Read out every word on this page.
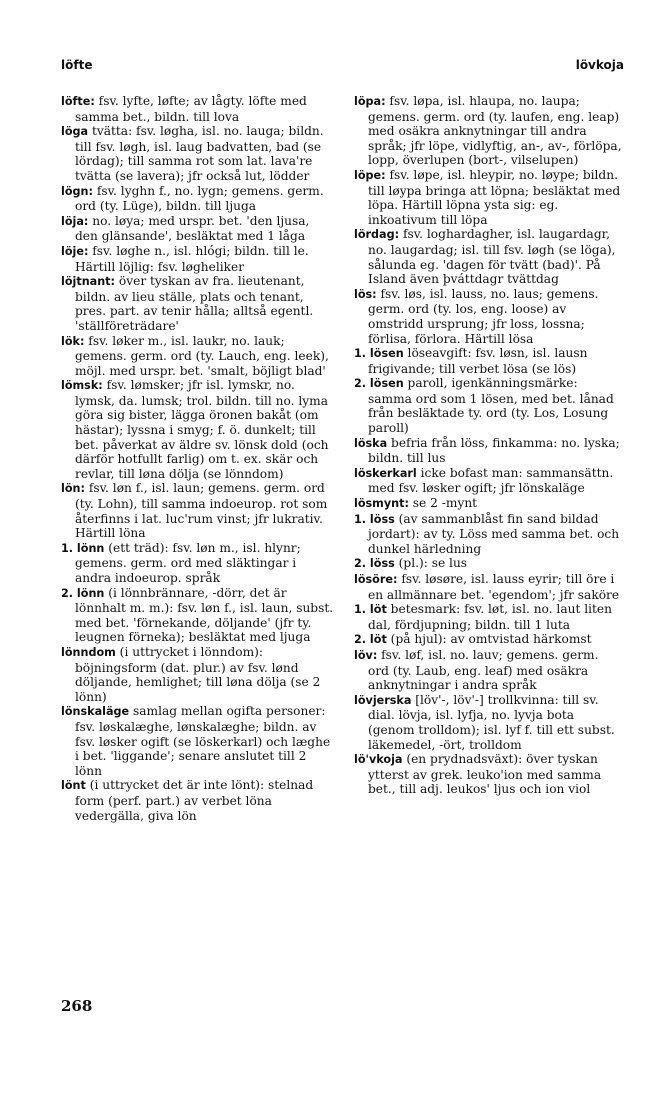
löfte	lövkoja

löfte: fsv. lyfte, løfte; av lågty. löfte med samma bet., bildn. till lova

löga tvätta: fsv. løgha, isl. no. lauga; bildn. till fsv. løgh, isl. laug badvatten, bad (se lördag); till samma rot som lat. lava're tvätta (se lavera); jfr också lut, lödder

lögn: fsv. lyghn f., no. lygn; gemens. germ. ord (ty. Lüge), bildn. till ljuga

löja: no. løya; med urspr. bet. 'den ljusa, den glänsande', besläktat med 1 låga

löje: fsv. løghe n., isl. hlógi; bildn. till le. Härtill löjlig: fsv. løgheliker

löjtnant: över tyskan av fra. lieutenant, bildn. av lieu ställe, plats och tenant, pres. part. av tenir hålla; alltså egentl. 'ställföreträdare'

lök: fsv. løker m., isl. laukr, no. lauk; gemens. germ. ord (ty. Lauch, eng. leek), möjl. med urspr. bet. 'smalt, böjligt blad'

lömsk: fsv. lømsker; jfr isl. lymskr, no. lymsk, da. lumsk; trol. bildn. till no. lyma göra sig bister, lägga öronen bakåt (om hästar); lyssna i smyg; f. ö. dunkelt; till bet. påverkat av äldre sv. lönsk dold (och därför hotfullt farlig) om t. ex. skär och revlar, till løna dölja (se lönndom)

lön: fsv. løn f., isl. laun; gemens. germ. ord (ty. Lohn), till samma indoeurop. rot som återfinns i lat. luc'rum vinst; jfr lukrativ. Härtill löna

1. lönn (ett träd): fsv. løn m., isl. hlynr; gemens. germ. ord med släktingar i andra indoeurop. språk

2. lönn (i lönnbrännare, -dörr, det är lönnhalt m. m.): fsv. løn f., isl. laun, subst. med bet. 'förnekande, döljande' (jfr ty. leugnen förneka); besläktat med ljuga

lönndom (i uttrycket i lönndom): böjningsform (dat. plur.) av fsv. lønd döljande, hemlighet; till løna dölja (se 2 lönn)

lönskaläge samlag mellan ogifta personer: fsv. løskalæghe, lønskalæghe; bildn. av fsv. løsker ogift (se löskerkarl) och læghe i bet. 'liggande'; senare anslutet till 2 lönn

lönt (i uttrycket det är inte lönt): stelnad form (perf. part.) av verbet löna vedergälla, giva lön

löpa: fsv. løpa, isl. hlaupa, no. laupa; gemens. germ. ord (ty. laufen, eng. leap) med osäkra anknytningar till andra språk; jfr löpe, vidlyftig, an-, av-, förlöpa, lopp, överlupen (bort-, vilselupen)

löpe: fsv. løpe, isl. hleypir, no. løype; bildn. till løypa bringa att löpna; besläktat med löpa. Härtill löpna ysta sig: eg. inkoativum till löpa

lördag: fsv. loghardagher, isl. laugardagr, no. laugardag; isl. till fsv. løgh (se löga), sålunda eg. 'dagen för tvätt (bad)'. På Island även þváttdagr tvättdag

lös: fsv. løs, isl. lauss, no. laus; gemens. germ. ord (ty. los, eng. loose) av omstridd ursprung; jfr loss, lossna; förlisa, förlora. Härtill lösa

1. lösen löseavgift: fsv. løsn, isl. lausn frigivande; till verbet lösa (se lös)

2. lösen paroll, igenkänningsmärke: samma ord som 1 lösen, med bet. lånad från besläktade ty. ord (ty. Los, Losung paroll)

löska befria från löss, finkamma: no. lyska; bildn. till lus

löskerkarl icke bofast man: sammansättn. med fsv. løsker ogift; jfr lönskaläge

lösmynt: se 2 -mynt

1. löss (av sammanblåst fin sand bildad jordart): av ty. Löss med samma bet. och dunkel härledning

2. löss (pl.): se lus

lösöre: fsv. løsøre, isl. lauss eyrir; till öre i en allmännare bet. 'egendom'; jfr saköre

1. löt betesmark: fsv. løt, isl. no. laut liten dal, fördjupning; bildn. till 1 luta

2. löt (på hjul): av omtvistad härkomst

löv: fsv. løf, isl. no. lauv; gemens. germ. ord (ty. Laub, eng. leaf) med osäkra anknytningar i andra språk

lövjerska [löv'-, löv'-] trollkvinna: till sv. dial. lövja, isl. lyfja, no. lyvja bota (genom trolldom); isl. lyf f. till ett subst. läkemedel, -ört, trolldom

lö'vkoja (en prydnadsväxt): över tyskan ytterst av grek. leuko'ion med samma bet., till adj. leukos' ljus och ion viol

268
